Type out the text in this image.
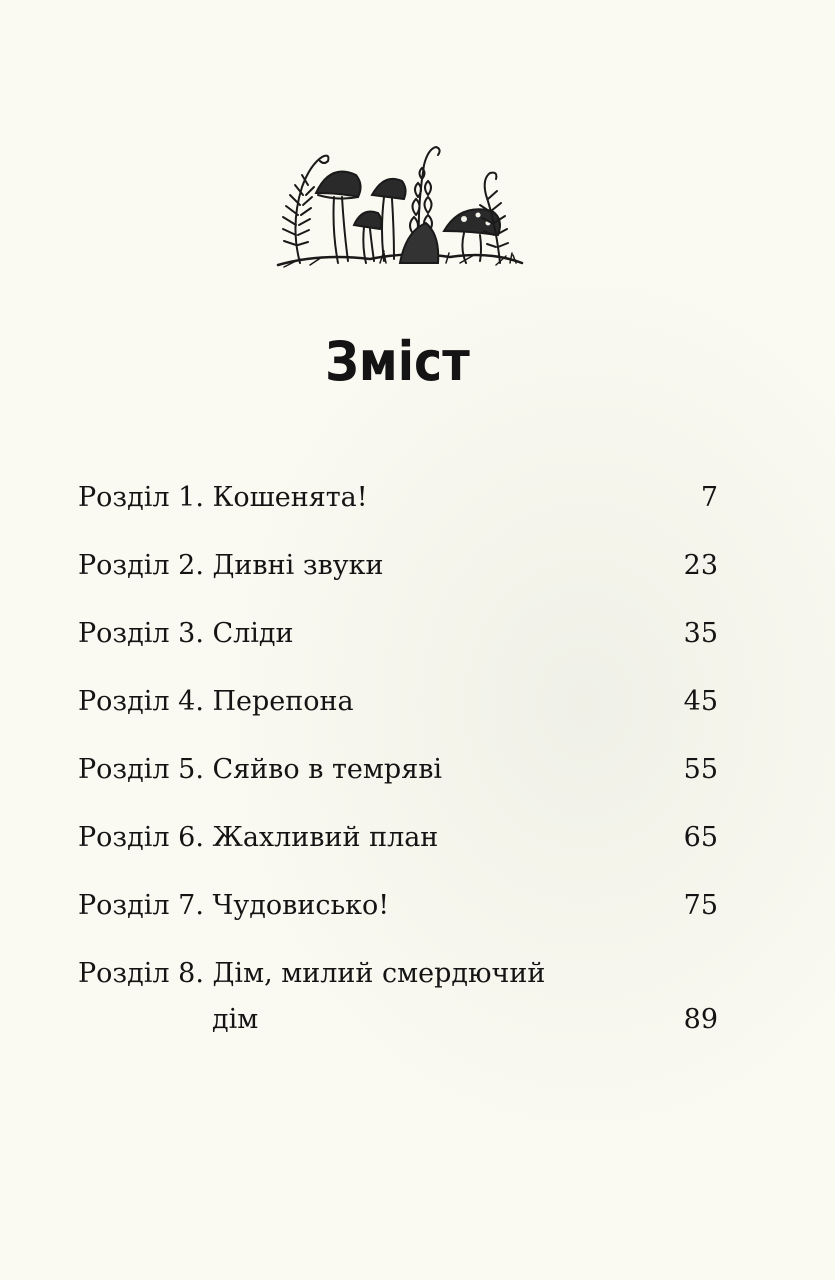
Зміст
Розділ 1. Кошенята!	7
Розділ 2. Дивні звуки	23
Розділ 3. Сліди	35
Розділ 4. Перепона	45
Розділ 5. Сяйво в темряві	55
Розділ 6. Жахливий план	65
Розділ 7. Чудовисько!	75
Розділ 8. Дім, милий смердючий
дім	89
